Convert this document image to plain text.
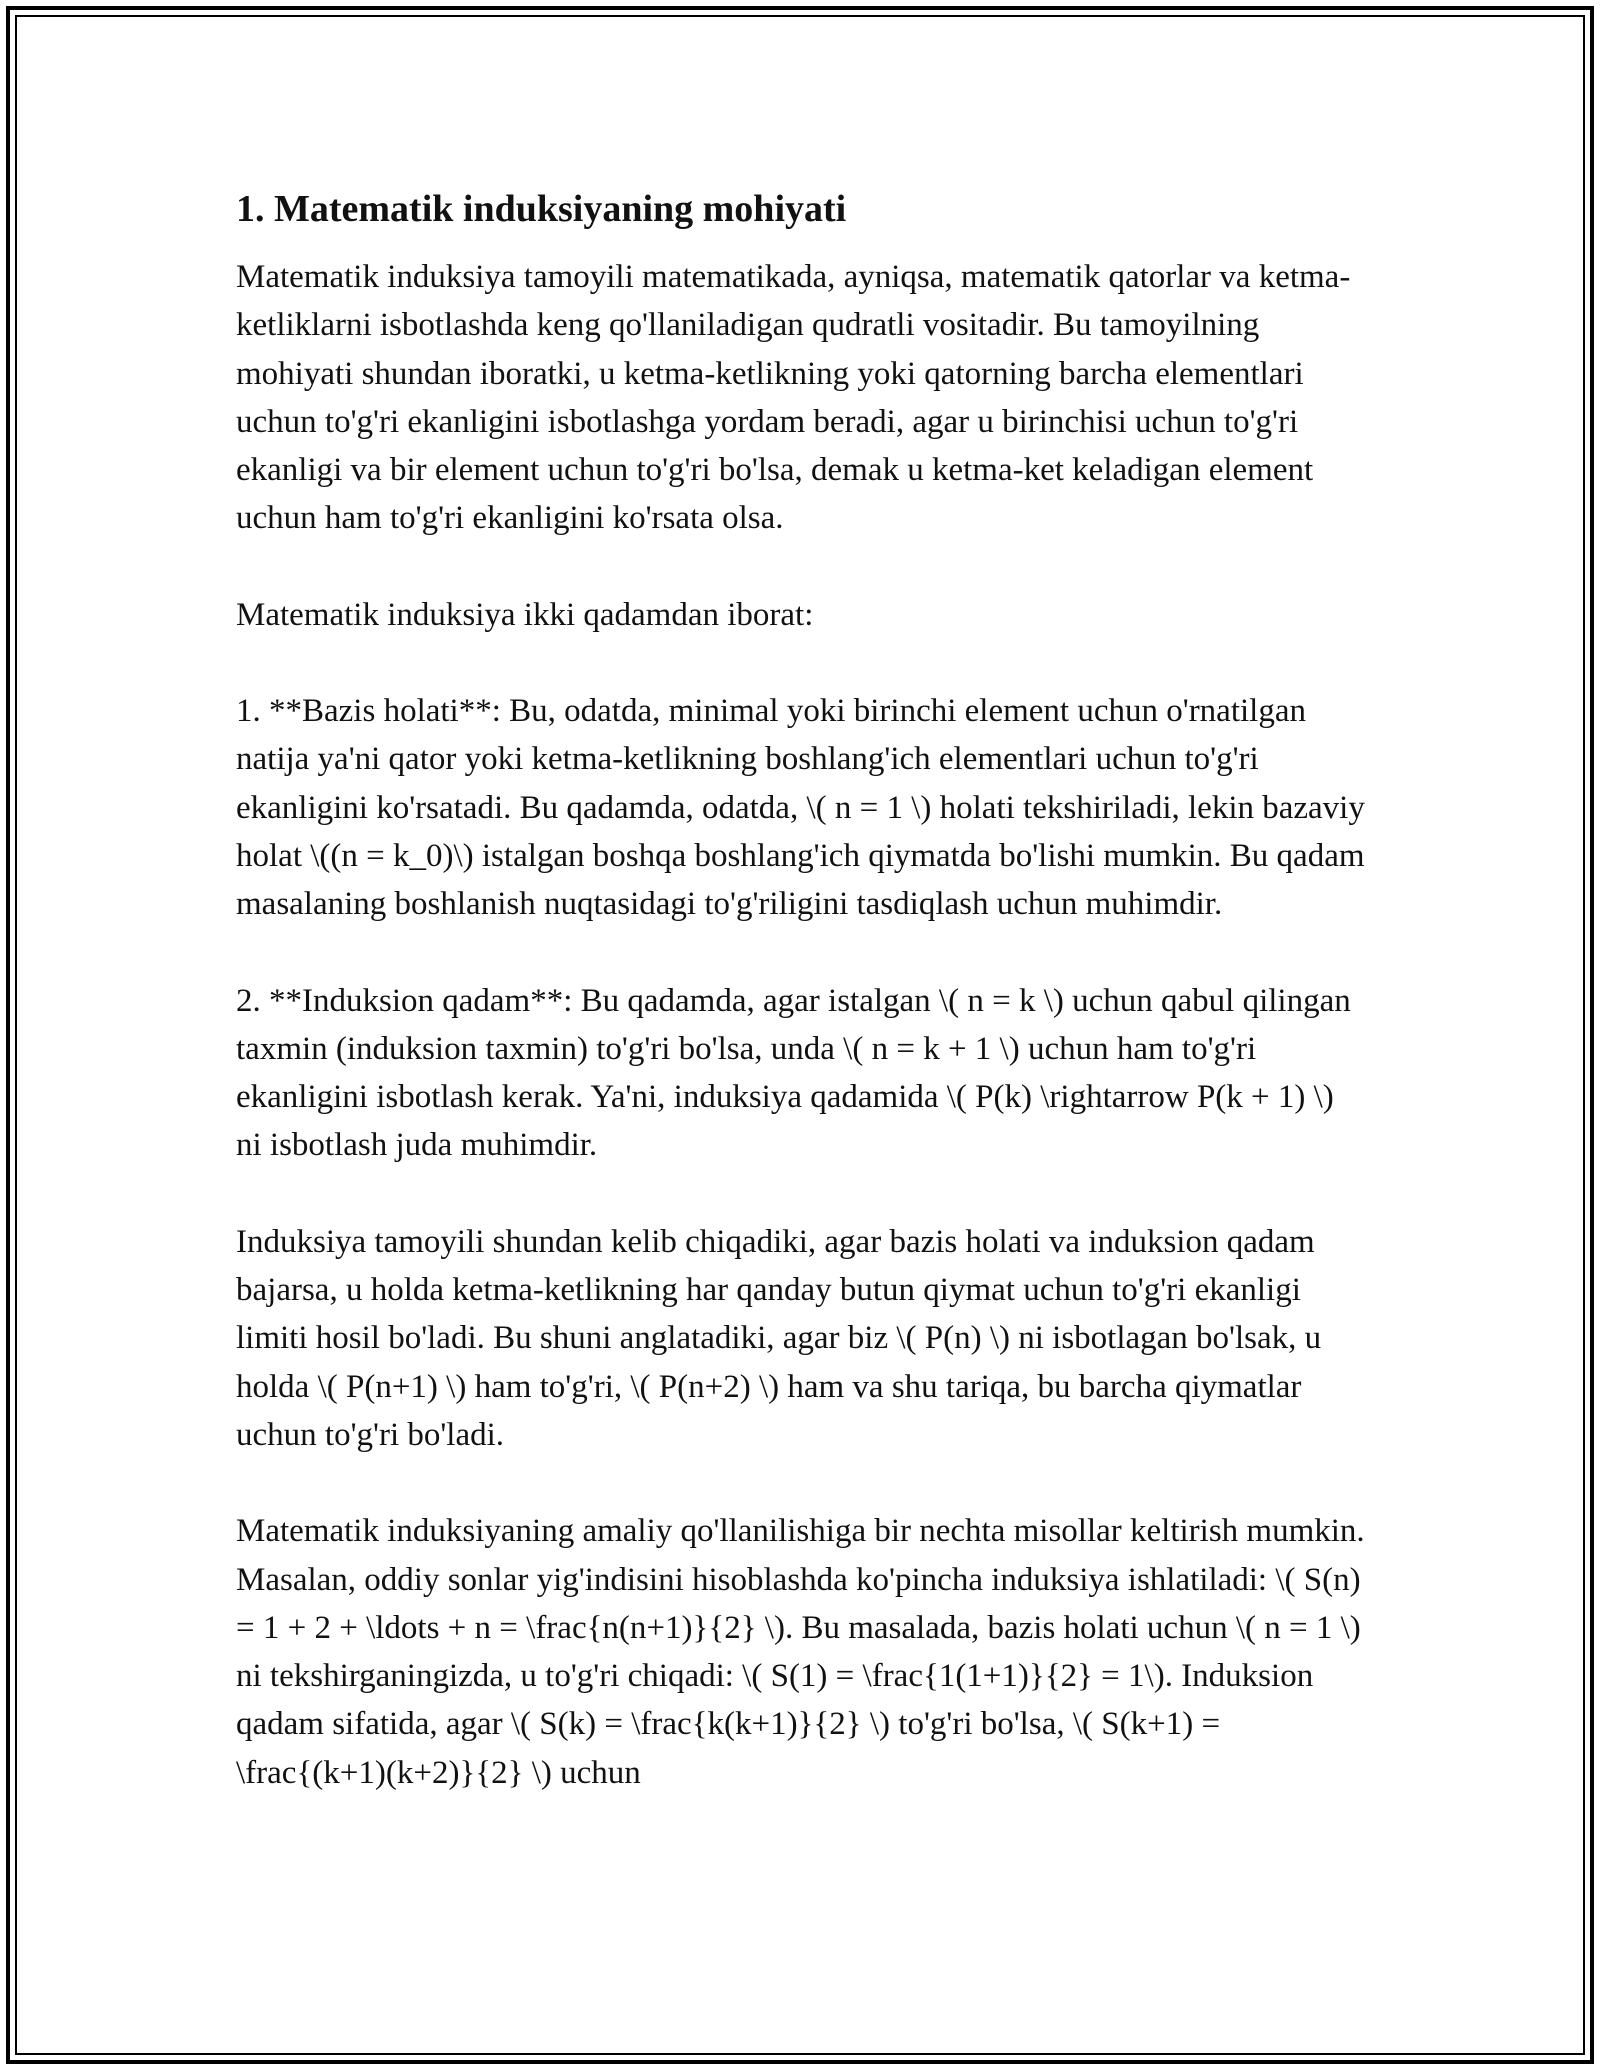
1. Matematik induksiyaning mohiyati

Matematik induksiya tamoyili matematikada, ayniqsa, matematik qatorlar va ketma-ketliklarni isbotlashda keng qo'llaniladigan qudratli vositadir. Bu tamoyilning mohiyati shundan iboratki, u ketma-ketlikning yoki qatorning barcha elementlari uchun to'g'ri ekanligini isbotlashga yordam beradi, agar u birinchisi uchun to'g'ri ekanligi va bir element uchun to'g'ri bo'lsa, demak u ketma-ket keladigan element uchun ham to'g'ri ekanligini ko'rsata olsa.

Matematik induksiya ikki qadamdan iborat:

1. **Bazis holati**: Bu, odatda, minimal yoki birinchi element uchun o'rnatilgan natija ya'ni qator yoki ketma-ketlikning boshlang'ich elementlari uchun to'g'ri ekanligini ko'rsatadi. Bu qadamda, odatda, \( n = 1 \) holati tekshiriladi, lekin bazaviy holat \((n = k_0)\) istalgan boshqa boshlang'ich qiymatda bo'lishi mumkin. Bu qadam masalaning boshlanish nuqtasidagi to'g'riligini tasdiqlash uchun muhimdir.

2. **Induksion qadam**: Bu qadamda, agar istalgan \( n = k \) uchun qabul qilingan taxmin (induksion taxmin) to'g'ri bo'lsa, unda \( n = k + 1 \) uchun ham to'g'ri ekanligini isbotlash kerak. Ya'ni, induksiya qadamida \( P(k) \rightarrow P(k + 1) \) ni isbotlash juda muhimdir.

Induksiya tamoyili shundan kelib chiqadiki, agar bazis holati va induksion qadam bajarsa, u holda ketma-ketlikning har qanday butun qiymat uchun to'g'ri ekanligi limiti hosil bo'ladi. Bu shuni anglatadiki, agar biz \( P(n) \) ni isbotlagan bo'lsak, u holda \( P(n+1) \) ham to'g'ri, \( P(n+2) \) ham va shu tariqa, bu barcha qiymatlar uchun to'g'ri bo'ladi.

Matematik induksiyaning amaliy qo'llanilishiga bir nechta misollar keltirish mumkin. Masalan, oddiy sonlar yig'indisini hisoblashda ko'pincha induksiya ishlatiladi: \( S(n) = 1 + 2 + \ldots + n = \frac{n(n+1)}{2} \). Bu masalada, bazis holati uchun \( n = 1 \) ni tekshirganingizda, u to'g'ri chiqadi: \( S(1) = \frac{1(1+1)}{2} = 1\). Induksion qadam sifatida, agar \( S(k) = \frac{k(k+1)}{2} \) to'g'ri bo'lsa, \( S(k+1) = \frac{(k+1)(k+2)}{2} \) uchun
